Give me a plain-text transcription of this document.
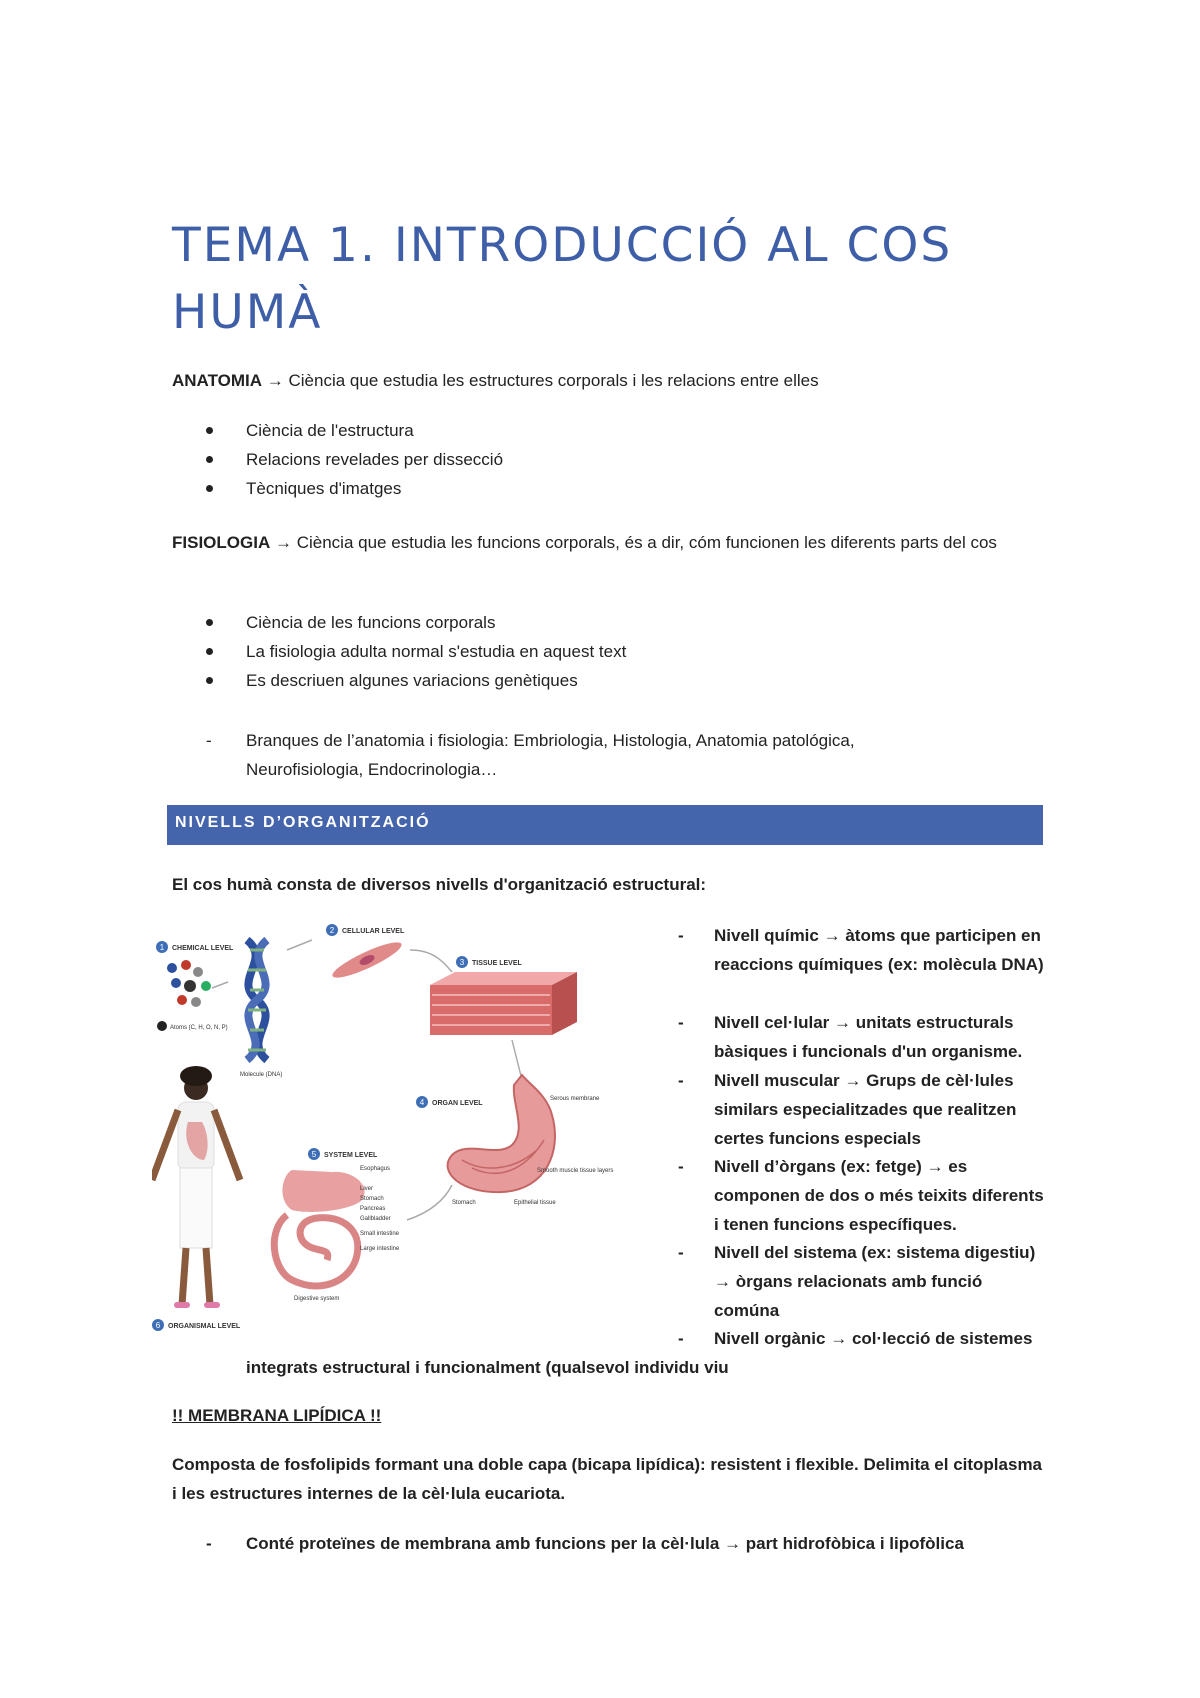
TEMA 1. INTRODUCCIÓ AL COS HUMÀ

ANATOMIA → Ciència que estudia les estructures corporals i les relacions entre elles

Ciència de l'estructura
Relacions revelades per dissecció
Tècniques d'imatges

FISIOLOGIA → Ciència que estudia les funcions corporals, és a dir, cóm funcionen les diferents parts del cos

Ciència de les funcions corporals
La fisiologia adulta normal s'estudia en aquest text
Es descriuen algunes variacions genètiques
-	Branques de l’anatomia i fisiologia: Embriologia, Histologia, Anatomia patológica, Neurofisiologia, Endocrinologia…
NIVELLS D’ORGANITZACIÓ

El cos humà consta de diversos nivells d'organització estructural:

1 CHEMICAL LEVEL
Atoms (C, H, O, N, P)
Molecule (DNA)
2 CELLULAR LEVEL
3 TISSUE LEVEL
4 ORGAN LEVEL
Serous membrane
Smooth muscle tissue layers
Stomach	Epithelial tissue
5 SYSTEM LEVEL
Esophagus
Liver
Stomach
Pancreas
Gallbladder
Small intestine
Large intestine
Digestive system
6 ORGANISMAL LEVEL
-	Nivell químic → àtoms que participen en reaccions químiques (ex: molècula DNA)
-	Nivell cel·lular → unitats estructurals bàsiques i funcionals d'un organisme.
-	Nivell muscular → Grups de cèl·lules similars especialitzades que realitzen certes funcions especials
-	Nivell d’òrgans (ex: fetge) → es componen de dos o més teixits diferents i tenen funcions específiques.
-	Nivell del sistema (ex: sistema digestiu) → òrgans relacionats amb funció comúna
-	Nivell orgànic → col·lecció de sistemes

integrats estructural i funcionalment (qualsevol individu viu

!! MEMBRANA LIPÍDICA !!

Composta de fosfolipids formant una doble capa (bicapa lipídica): resistent i flexible. Delimita el citoplasma i les estructures internes de la cèl·lula eucariota.

-	Conté proteïnes de membrana amb funcions per la cèl·lula → part hidrofòbica i lipofòlica
